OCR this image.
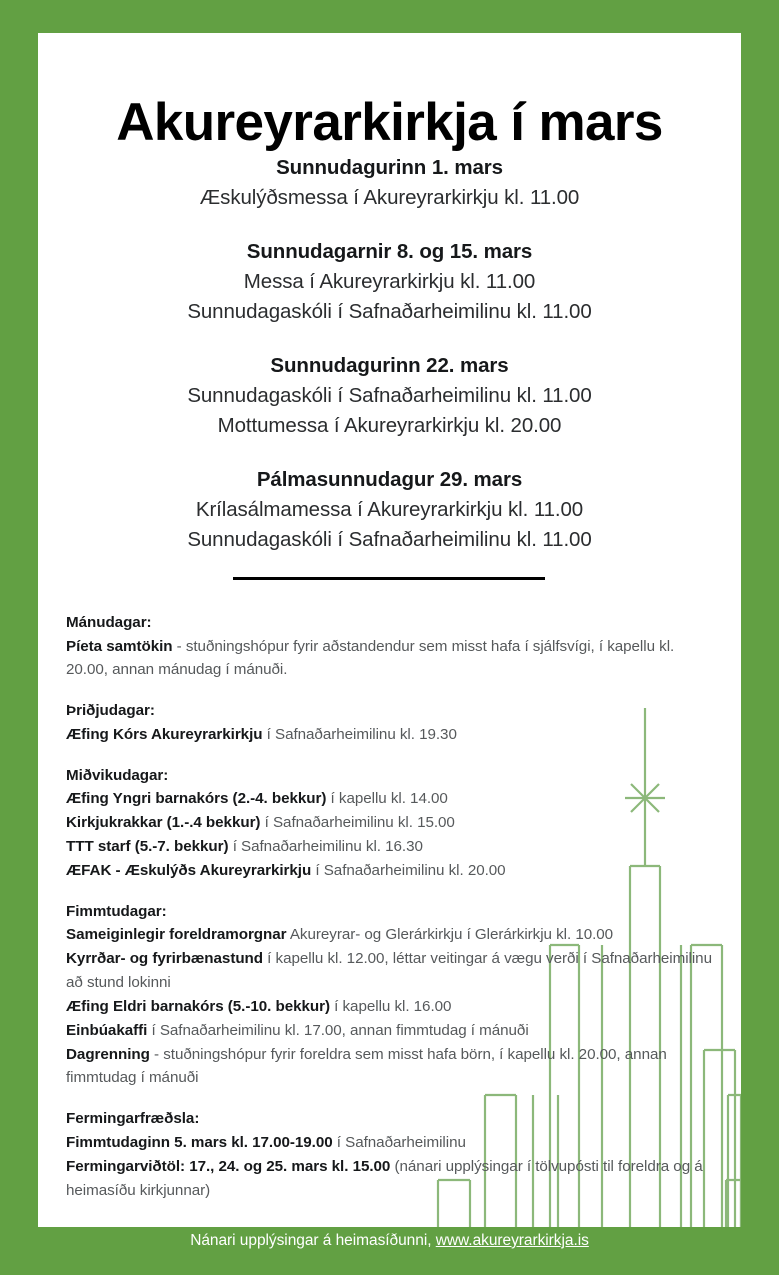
Akureyrarkirkja í mars
Sunnudagurinn 1. mars
Æskulýðsmessa í Akureyrarkirkju kl. 11.00
Sunnudagarnir 8. og 15. mars
Messa í Akureyrarkirkju kl. 11.00
Sunnudagaskóli í Safnaðarheimilinu kl. 11.00
Sunnudagurinn 22. mars
Sunnudagaskóli í Safnaðarheimilinu kl. 11.00
Mottumessa í Akureyrarkirkju kl. 20.00
Pálmasunnudagur 29. mars
Krílasálmamessa í Akureyrarkirkju kl. 11.00
Sunnudagaskóli í Safnaðarheimilinu kl. 11.00
Mánudagar:
Píeta samtökin - stuðningshópur fyrir aðstandendur sem misst hafa í sjálfsvígi, í kapellu kl. 20.00, annan mánudag í mánuði.
Þriðjudagar:
Æfing Kórs Akureyrarkirkju í Safnaðarheimilinu kl. 19.30
Miðvikudagar:
Æfing Yngri barnakórs (2.-4. bekkur) í kapellu kl. 14.00
Kirkjukrakkar (1.-.4 bekkur) í Safnaðarheimilinu kl. 15.00
TTT starf (5.-7. bekkur) í Safnaðarheimilinu kl. 16.30
ÆFAK - Æskulýðs Akureyrarkirkju í Safnaðarheimilinu kl. 20.00
Fimmtudagar:
Sameiginlegir foreldramorgnar Akureyrar- og Glerárkirkju í Glerárkirkju kl. 10.00
Kyrrðar- og fyrirbænastund í kapellu kl. 12.00, léttar veitingar á vægu verði í Safnaðarheimilinu að stund lokinni
Æfing Eldri barnakórs (5.-10. bekkur) í kapellu kl. 16.00
Einbúakaffi í Safnaðarheimilinu kl. 17.00, annan fimmtudag í mánuði
Dagrenning - stuðningshópur fyrir foreldra sem misst hafa börn, í kapellu kl. 20.00, annan fimmtudag í mánuði
Fermingarfræðsla:
Fimmtudaginn 5. mars kl. 17.00-19.00 í Safnaðarheimilinu
Fermingarviðtöl: 17., 24. og 25. mars kl. 15.00 (nánari upplýsingar í tölvupósti til foreldra og á heimasíðu kirkjunnar)
Nánari upplýsingar á heimasíðunni, www.akureyrarkirkja.is
